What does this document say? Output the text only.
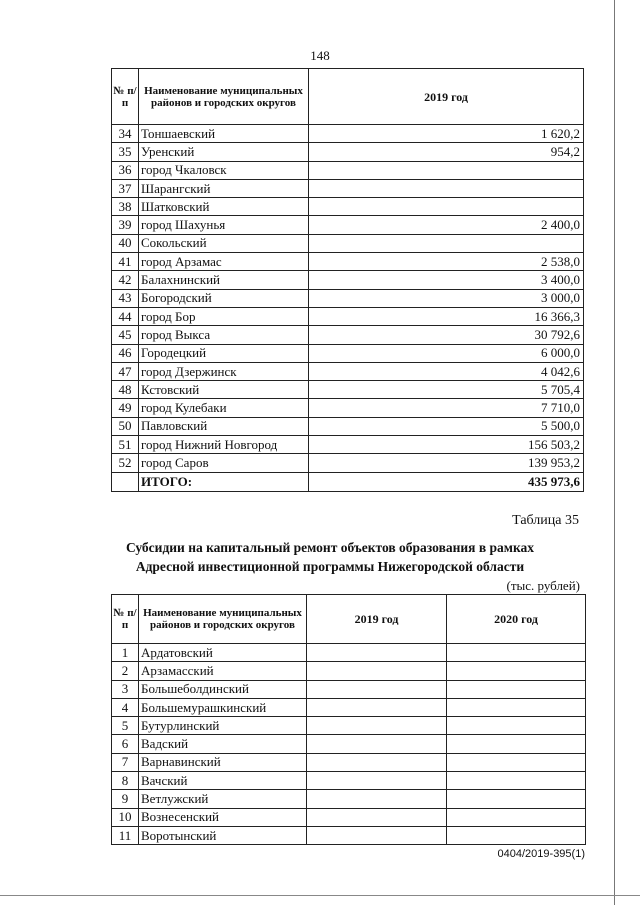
148
№ п/п	Наименование муниципальных районов и городских округов	2019 год
34	Тоншаевский	1 620,2
35	Уренский	954,2
36	город Чкаловск	
37	Шарангский	
38	Шатковский	
39	город Шахунья	2 400,0
40	Сокольский	
41	город Арзамас	2 538,0
42	Балахнинский	3 400,0
43	Богородский	3 000,0
44	город Бор	16 366,3
45	город Выкса	30 792,6
46	Городецкий	6 000,0
47	город Дзержинск	4 042,6
48	Кстовский	5 705,4
49	город Кулебаки	7 710,0
50	Павловский	5 500,0
51	город Нижний Новгород	156 503,2
52	город Саров	139 953,2
	ИТОГО:	435 973,6
Таблица 35
Субсидии на капитальный ремонт объектов образования в рамках Адресной инвестиционной программы Нижегородской области
(тыс. рублей)
№ п/п	Наименование муниципальных районов и городских округов	2019 год	2020 год
1	Ардатовский		
2	Арзамасский		
3	Большеболдинский		
4	Большемурашкинский		
5	Бутурлинский		
6	Вадский		
7	Варнавинский		
8	Вачский		
9	Ветлужский		
10	Вознесенский		
11	Воротынский		
0404/2019-395(1)
